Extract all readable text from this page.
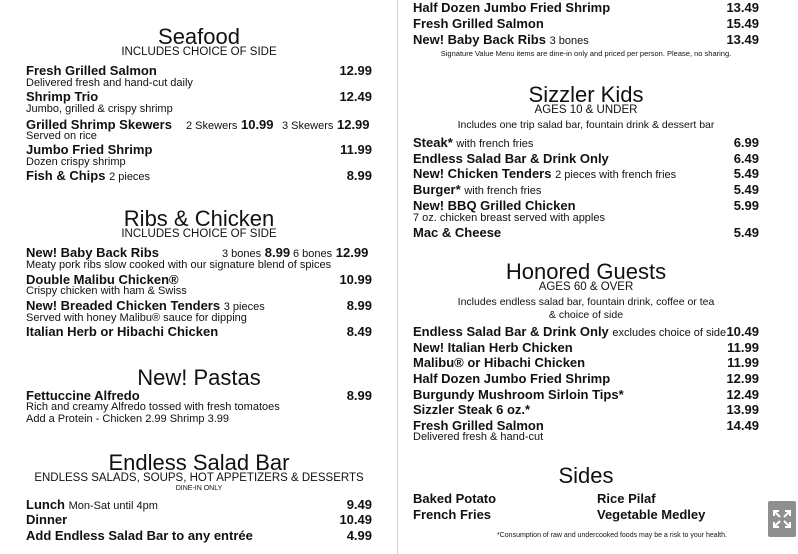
Seafood
INCLUDES CHOICE OF SIDE
Fresh Grilled Salmon	12.99
Delivered fresh and hand-cut daily
Shrimp Trio	12.49
Jumbo, grilled & crispy shrimp
Grilled Shrimp Skewers 2 Skewers 10.99 3 Skewers 12.99
Served on rice
Jumbo Fried Shrimp	11.99
Dozen crispy shrimp
Fish & Chips 2 pieces	8.99
Ribs & Chicken
INCLUDES CHOICE OF SIDE
New! Baby Back Ribs	3 bones 8.99 6 bones 12.99
Meaty pork ribs slow cooked with our signature blend of spices
Double Malibu Chicken®	10.99
Crispy chicken with ham & Swiss
New! Breaded Chicken Tenders 3 pieces	8.99
Served with honey Malibu® sauce for dipping
Italian Herb or Hibachi Chicken	8.49
New! Pastas
Fettuccine Alfredo	8.99
Rich and creamy Alfredo tossed with fresh tomatoes
Add a Protein - Chicken 2.99 Shrimp 3.99
Endless Salad Bar
ENDLESS SALADS, SOUPS, HOT APPETIZERS & DESSERTS
DINE-IN ONLY
Lunch Mon-Sat until 4pm	9.49
Dinner	10.49
Add Endless Salad Bar to any entrée	4.99
Half Dozen Jumbo Fried Shrimp	13.49
Fresh Grilled Salmon	15.49
New! Baby Back Ribs 3 bones	13.49
Signature Value Menu items are dine-in only and priced per person. Please, no sharing.
Sizzler Kids
AGES 10 & UNDER
Includes one trip salad bar, fountain drink & dessert bar
Steak* with french fries	6.99
Endless Salad Bar & Drink Only	6.49
New! Chicken Tenders 2 pieces with french fries	5.49
Burger* with french fries	5.49
New! BBQ Grilled Chicken	5.99
7 oz. chicken breast served with apples
Mac & Cheese	5.49
Honored Guests
AGES 60 & OVER
Includes endless salad bar, fountain drink, coffee or tea
& choice of side
Endless Salad Bar & Drink Only excludes choice of side 10.49
New! Italian Herb Chicken	11.99
Malibu® or Hibachi Chicken	11.99
Half Dozen Jumbo Fried Shrimp	12.99
Burgundy Mushroom Sirloin Tips*	12.49
Sizzler Steak 6 oz.*	13.99
Fresh Grilled Salmon	14.49
Delivered fresh & hand-cut
Sides
Baked Potato	Rice Pilaf
French Fries	Vegetable Medley
*Consumption of raw and undercooked foods may be a risk to your health.
